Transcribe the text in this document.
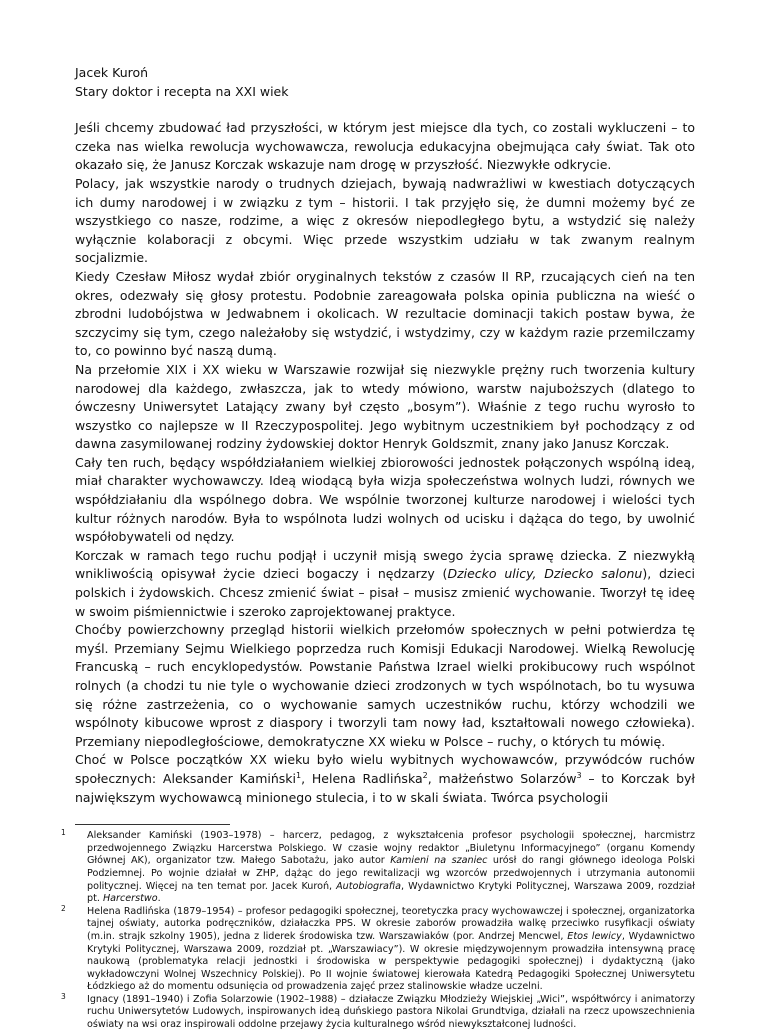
Jacek Kuroń
Stary doktor i recepta na XXI wiek
Jeśli chcemy zbudować ład przyszłości, w którym jest miejsce dla tych, co zostali wykluczeni – to czeka nas wielka rewolucja wychowawcza, rewolucja edukacyjna obejmująca cały świat. Tak oto okazało się, że Janusz Korczak wskazuje nam drogę w przyszłość. Niezwykłe odkrycie.
Polacy, jak wszystkie narody o trudnych dziejach, bywają nadwrażliwi w kwestiach dotyczących ich dumy narodowej i w związku z tym – historii. I tak przyjęło się, że dumni możemy być ze wszystkiego co nasze, rodzime, a więc z okresów niepodległego bytu, a wstydzić się należy wyłącznie kolaboracji z obcymi. Więc przede wszystkim udziału w tak zwanym realnym socjalizmie.
Kiedy Czesław Miłosz wydał zbiór oryginalnych tekstów z czasów II RP, rzucających cień na ten okres, odezwały się głosy protestu. Podobnie zareagowała polska opinia publiczna na wieść o zbrodni ludobójstwa w Jedwabnem i okolicach. W rezultacie dominacji takich postaw bywa, że szczycimy się tym, czego należałoby się wstydzić, i wstydzimy, czy w każdym razie przemilczamy to, co powinno być naszą dumą.
Na przełomie XIX i XX wieku w Warszawie rozwijał się niezwykle prężny ruch tworzenia kultury narodowej dla każdego, zwłaszcza, jak to wtedy mówiono, warstw najuboższych (dlatego to ówczesny Uniwersytet Latający zwany był często „bosym”). Właśnie z tego ruchu wyrosło to wszystko co najlepsze w II Rzeczypospolitej. Jego wybitnym uczestnikiem był pochodzący z od dawna zasymilowanej rodziny żydowskiej doktor Henryk Goldszmit, znany jako Janusz Korczak.
Cały ten ruch, będący współdziałaniem wielkiej zbiorowości jednostek połączonych wspólną ideą, miał charakter wychowawczy. Ideą wiodącą była wizja społeczeństwa wolnych ludzi, równych we współdziałaniu dla wspólnego dobra. We wspólnie tworzonej kulturze narodowej i wielości tych kultur różnych narodów. Była to wspólnota ludzi wolnych od ucisku i dążąca do tego, by uwolnić współobywateli od nędzy.
Korczak w ramach tego ruchu podjął i uczynił misją swego życia sprawę dziecka. Z niezwykłą wnikliwością opisywał życie dzieci bogaczy i nędzarzy (Dziecko ulicy, Dziecko salonu), dzieci polskich i żydowskich. Chcesz zmienić świat – pisał – musisz zmienić wychowanie. Tworzył tę ideę w swoim piśmiennictwie i szeroko zaprojektowanej praktyce.
Choćby powierzchowny przegląd historii wielkich przełomów społecznych w pełni potwierdza tę myśl. Przemiany Sejmu Wielkiego poprzedza ruch Komisji Edukacji Narodowej. Wielką Rewolucję Francuską – ruch encyklopedystów. Powstanie Państwa Izrael wielki prokibucowy ruch wspólnot rolnych (a chodzi tu nie tyle o wychowanie dzieci zrodzonych w tych wspólnotach, bo tu wysuwa się różne zastrzeżenia, co o wychowanie samych uczestników ruchu, którzy wchodzili we wspólnoty kibucowe wprost z diaspory i tworzyli tam nowy ład, kształtowali nowego człowieka). Przemiany niepodległościowe, demokratyczne XX wieku w Polsce – ruchy, o których tu mówię.
Choć w Polsce początków XX wieku było wielu wybitnych wychowawców, przywódców ruchów społecznych: Aleksander Kamiński$^1$, Helena Radlińska$^2$, małżeństwo Solarzów$^3$ – to Korczak był największym wychowawcą minionego stulecia, i to w skali świata. Twórca psychologii

1 Aleksander Kamiński (1903–1978) – harcerz, pedagog, z wykształcenia profesor psychologii społecznej, harcmistrz przedwojennego Związku Harcerstwa Polskiego. W czasie wojny redaktor „Biuletynu Informacyjnego” (organu Komendy Głównej AK), organizator tzw. Małego Sabotażu, jako autor Kamieni na szaniec urósł do rangi głównego ideologa Polski Podziemnej. Po wojnie działał w ZHP, dążąc do jego rewitalizacji wg wzorców przedwojennych i utrzymania autonomii politycznej. Więcej na ten temat por. Jacek Kuroń, Autobiografia, Wydawnictwo Krytyki Politycznej, Warszawa 2009, rozdział pt. Harcerstwo.

2 Helena Radlińska (1879–1954) – profesor pedagogiki społecznej, teoretyczka pracy wychowawczej i społecznej, organizatorka tajnej oświaty, autorka podręczników, działaczka PPS. W okresie zaborów prowadziła walkę przeciwko rusyfikacji oświaty (m.in. strajk szkolny 1905), jedna z liderek środowiska tzw. Warszawiaków (por. Andrzej Mencwel, Etos lewicy, Wydawnictwo Krytyki Politycznej, Warszawa 2009, rozdział pt. „Warszawiacy”). W okresie międzywojennym prowadziła intensywną pracę naukową (problematyka relacji jednostki i środowiska w perspektywie pedagogiki społecznej) i dydaktyczną (jako wykładowczyni Wolnej Wszechnicy Polskiej). Po II wojnie światowej kierowała Katedrą Pedagogiki Społecznej Uniwersytetu Łódzkiego aż do momentu odsunięcia od prowadzenia zajęć przez stalinowskie władze uczelni.

3 Ignacy (1891–1940) i Zofia Solarzowie (1902–1988) – działacze Związku Młodzieży Wiejskiej „Wici”, współtwórcy i animatorzy ruchu Uniwersytetów Ludowych, inspirowanych ideą duńskiego pastora Nikolai Grundtviga, działali na rzecz upowszechnienia oświaty na wsi oraz inspirowali oddolne przejawy życia kulturalnego wśród niewykształconej ludności.
